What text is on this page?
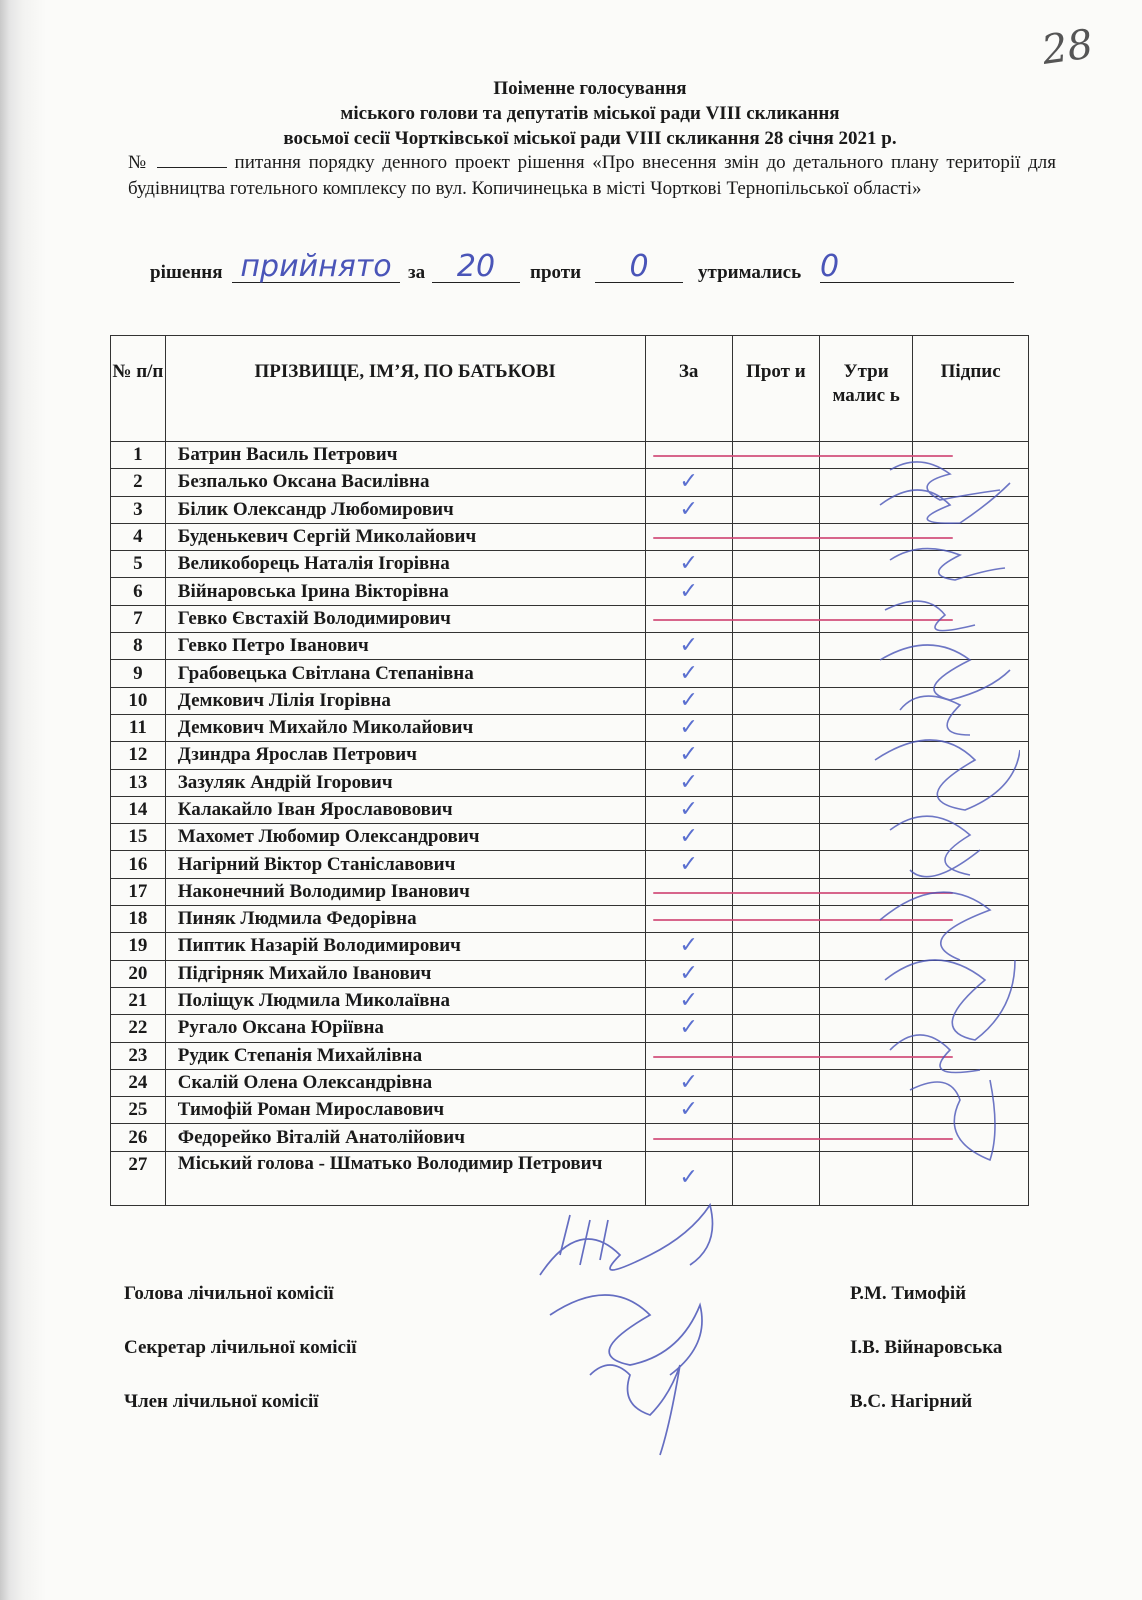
28
Поіменне голосування
міського голови та депутатів міської ради VIII скликання
восьмої сесії Чортківської міської ради VIII скликання 28 січня 2021 р.
№	питання порядку денного проект рішення «Про внесення змін до детального плану території для будівництва готельного комплексу по вул. Копичинецька в місті Чорткові Тернопільської області»
рішення прийнято за	20	проти	0	утримались 0
№ п/п	ПРІЗВИЩЕ, ІМ’Я, ПО БАТЬКОВІ	За	Прот и	Утри малис ь	Підпис
1	Батрин Василь Петрович				
2	Безпалько Оксана Василівна	✓			
3	Білик Олександр Любомирович	✓			
4	Буденькевич Сергій Миколайович				
5	Великоборець Наталія Ігорівна	✓			
6	Війнаровська Ірина Вікторівна	✓			
7	Гевко Євстахій Володимирович				
8	Гевко Петро Іванович	✓			
9	Грабовецька Світлана Степанівна	✓			
10	Демкович Лілія Ігорівна	✓			
11	Демкович Михайло Миколайович	✓			
12	Дзиндра Ярослав Петрович	✓			
13	Зазуляк Андрій Ігорович	✓			
14	Калакайло Іван Ярославовович	✓			
15	Махомет Любомир Олександрович	✓			
16	Нагірний Віктор Станіславович	✓			
17	Наконечний Володимир Іванович				
18	Пиняк Людмила Федорівна				
19	Пиптик Назарій Володимирович	✓			
20	Підгірняк Михайло Іванович	✓			
21	Поліщук Людмила Миколаївна	✓			
22	Ругало Оксана Юріївна	✓			
23	Рудик Степанія Михайлівна				
24	Скалій Олена Олександрівна	✓			
25	Тимофій Роман Мирославович	✓			
26	Федорейко Віталій Анатолійович				
27	Міський голова - Шматько Володимир Петрович	✓			
Голова лічильної комісії	Р.М. Тимофій
Секретар лічильної комісії	І.В. Війнаровська
Член лічильної комісії	В.С. Нагірний
